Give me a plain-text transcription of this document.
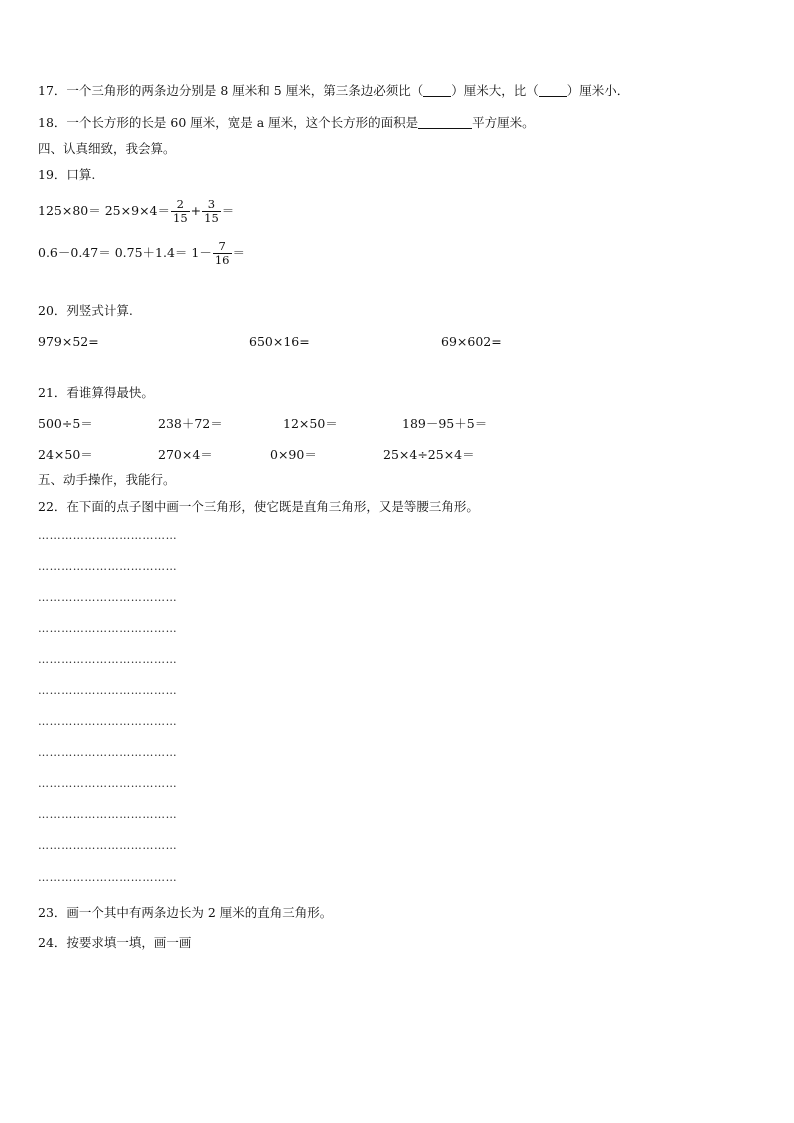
17．一个三角形的两条边分别是 8 厘米和 5 厘米，第三条边必须比（ ）厘米大，比（ ）厘米小．
18．一个长方形的长是 60 厘米，宽是 a 厘米，这个长方形的面积是	平方厘米。
四、认真细致，我会算。
19．口算.
$125\times 80= 25\times 9\times 4= \frac{2}{15} + \frac{3}{15}$ ＝
$0.6-0.47= 0.75+1.4= 1- \frac{7}{16}$ ＝
20．列竖式计算.
979×52=	650×16=	69×602=
21．看谁算得最快。
500÷5＝	238＋72＝	12×50＝	189－95＋5＝
24×50＝	270×4＝	0×90＝	25×4÷25×4＝
五、动手操作，我能行。
22．在下面的点子图中画一个三角形，使它既是直角三角形，又是等腰三角形。
………………………………
………………………………
………………………………
………………………………
………………………………
………………………………
………………………………
………………………………
………………………………
………………………………
………………………………
………………………………
23．画一个其中有两条边长为 2 厘米的直角三角形。
24．按要求填一填，画一画
